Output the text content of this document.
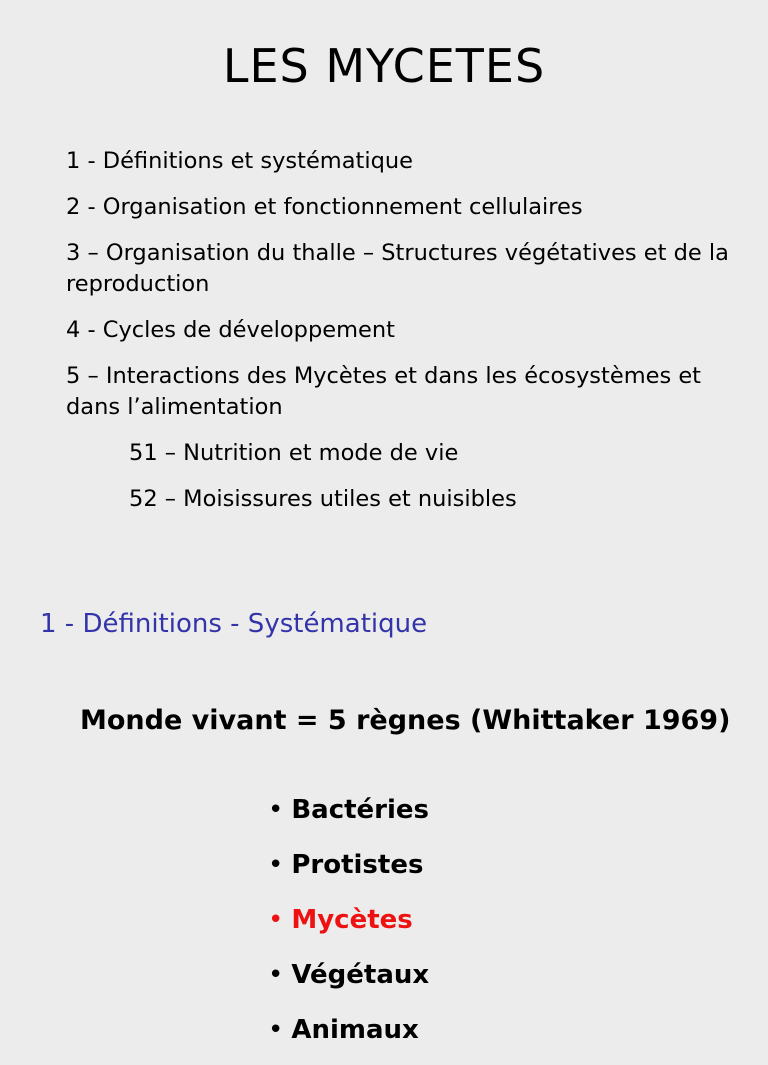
LES MYCETES

1 - Définitions et systématique

2 - Organisation et fonctionnement cellulaires

3 – Organisation du thalle – Structures végétatives et de la reproduction

4 - Cycles de développement

5 – Interactions des Mycètes et dans les écosystèmes et dans l’alimentation

51 – Nutrition et mode de vie

52 – Moisissures utiles et nuisibles

1 - Définitions - Systématique
Monde vivant = 5 règnes (Whittaker 1969)
• Bactéries
• Protistes
• Mycètes
• Végétaux
• Animaux
